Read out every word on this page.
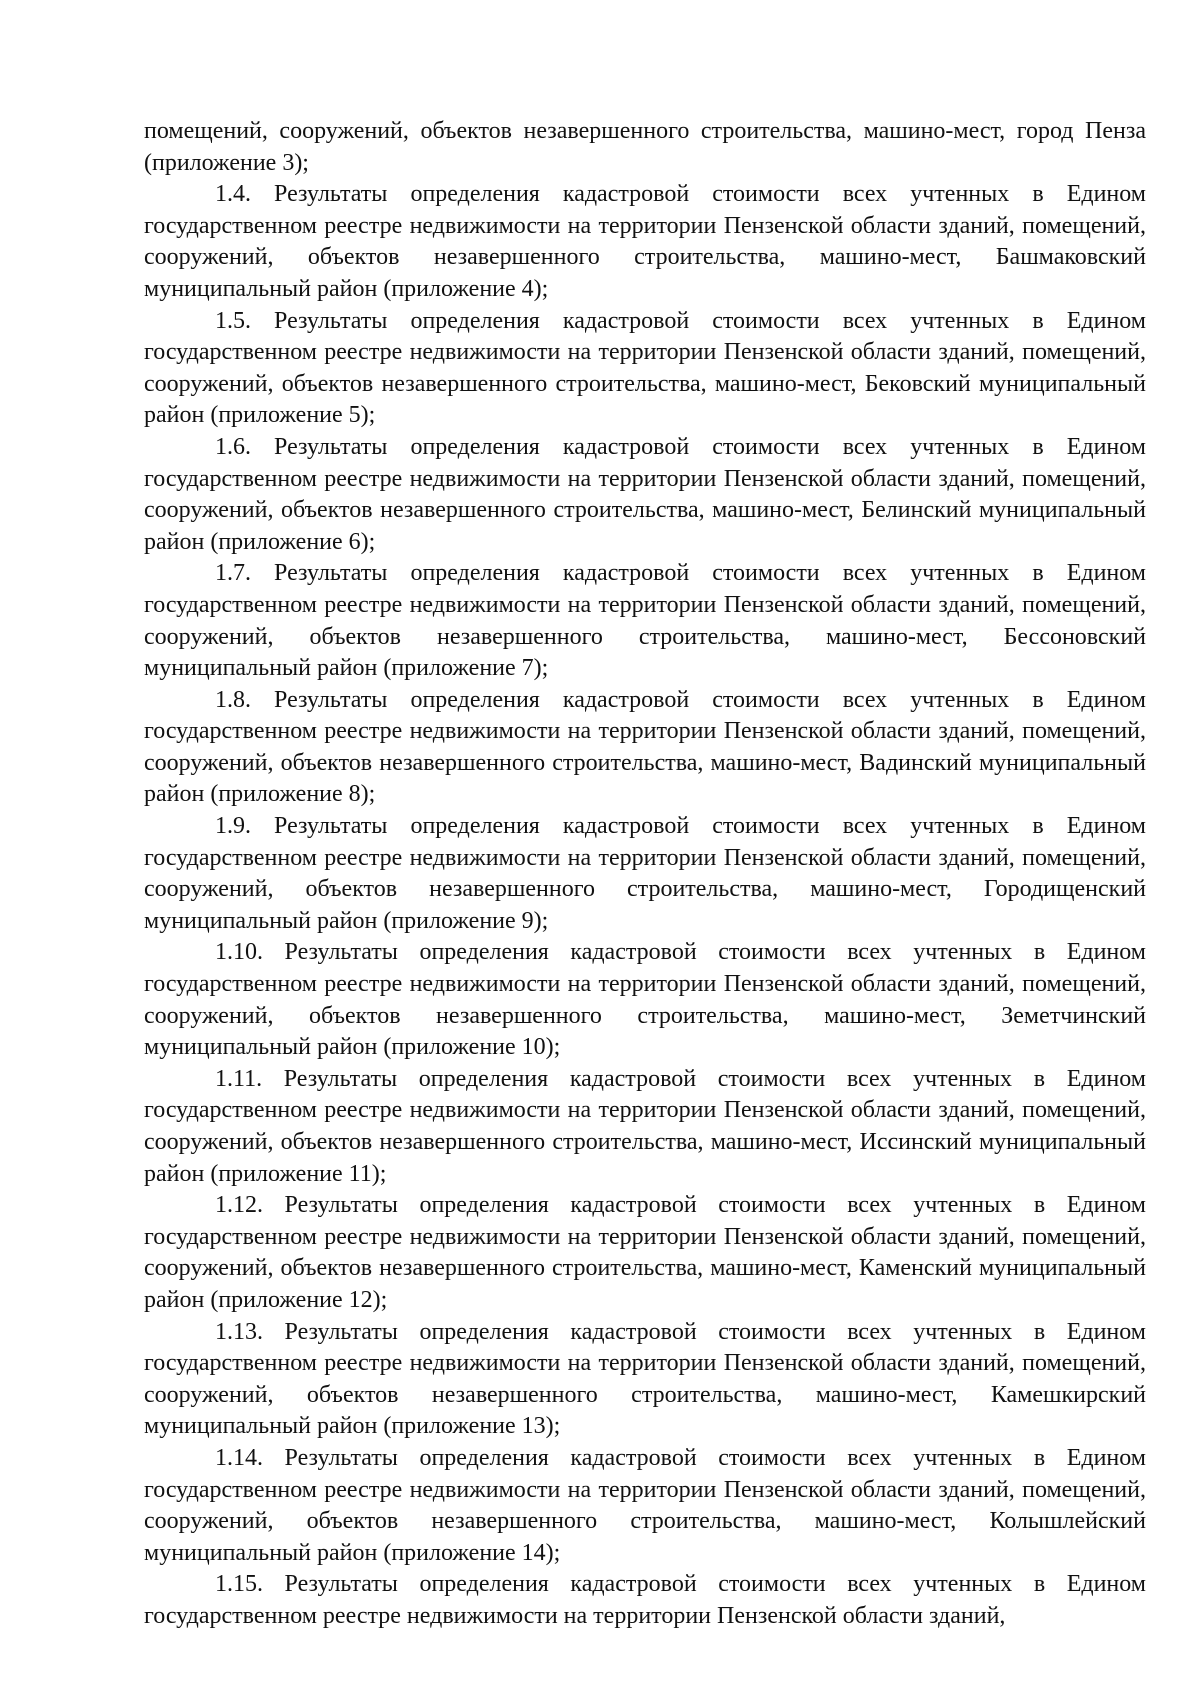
помещений, сооружений, объектов незавершенного строительства, машино-мест, город Пенза (приложение 3);

1.4. Результаты определения кадастровой стоимости всех учтенных в Едином государственном реестре недвижимости на территории Пензенской области зданий, помещений, сооружений, объектов незавершенного строительства, машино-мест, Башмаковский муниципальный район (приложение 4);

1.5. Результаты определения кадастровой стоимости всех учтенных в Едином государственном реестре недвижимости на территории Пензенской области зданий, помещений, сооружений, объектов незавершенного строительства, машино-мест, Бековский муниципальный район (приложение 5);

1.6. Результаты определения кадастровой стоимости всех учтенных в Едином государственном реестре недвижимости на территории Пензенской области зданий, помещений, сооружений, объектов незавершенного строительства, машино-мест, Белинский муниципальный район (приложение 6);

1.7. Результаты определения кадастровой стоимости всех учтенных в Едином государственном реестре недвижимости на территории Пензенской области зданий, помещений, сооружений, объектов незавершенного строительства, машино-мест, Бессоновский муниципальный район (приложение 7);

1.8. Результаты определения кадастровой стоимости всех учтенных в Едином государственном реестре недвижимости на территории Пензенской области зданий, помещений, сооружений, объектов незавершенного строительства, машино-мест, Вадинский муниципальный район (приложение 8);

1.9. Результаты определения кадастровой стоимости всех учтенных в Едином государственном реестре недвижимости на территории Пензенской области зданий, помещений, сооружений, объектов незавершенного строительства, машино-мест, Городищенский муниципальный район (приложение 9);

1.10. Результаты определения кадастровой стоимости всех учтенных в Едином государственном реестре недвижимости на территории Пензенской области зданий, помещений, сооружений, объектов незавершенного строительства, машино-мест, Земетчинский муниципальный район (приложение 10);

1.11. Результаты определения кадастровой стоимости всех учтенных в Едином государственном реестре недвижимости на территории Пензенской области зданий, помещений, сооружений, объектов незавершенного строительства, машино-мест, Иссинский муниципальный район (приложение 11);

1.12. Результаты определения кадастровой стоимости всех учтенных в Едином государственном реестре недвижимости на территории Пензенской области зданий, помещений, сооружений, объектов незавершенного строительства, машино-мест, Каменский муниципальный район (приложение 12);

1.13. Результаты определения кадастровой стоимости всех учтенных в Едином государственном реестре недвижимости на территории Пензенской области зданий, помещений, сооружений, объектов незавершенного строительства, машино-мест, Камешкирский муниципальный район (приложение 13);

1.14. Результаты определения кадастровой стоимости всех учтенных в Едином государственном реестре недвижимости на территории Пензенской области зданий, помещений, сооружений, объектов незавершенного строительства, машино-мест, Колышлейский муниципальный район (приложение 14);

1.15. Результаты определения кадастровой стоимости всех учтенных в Едином государственном реестре недвижимости на территории Пензенской области зданий,
